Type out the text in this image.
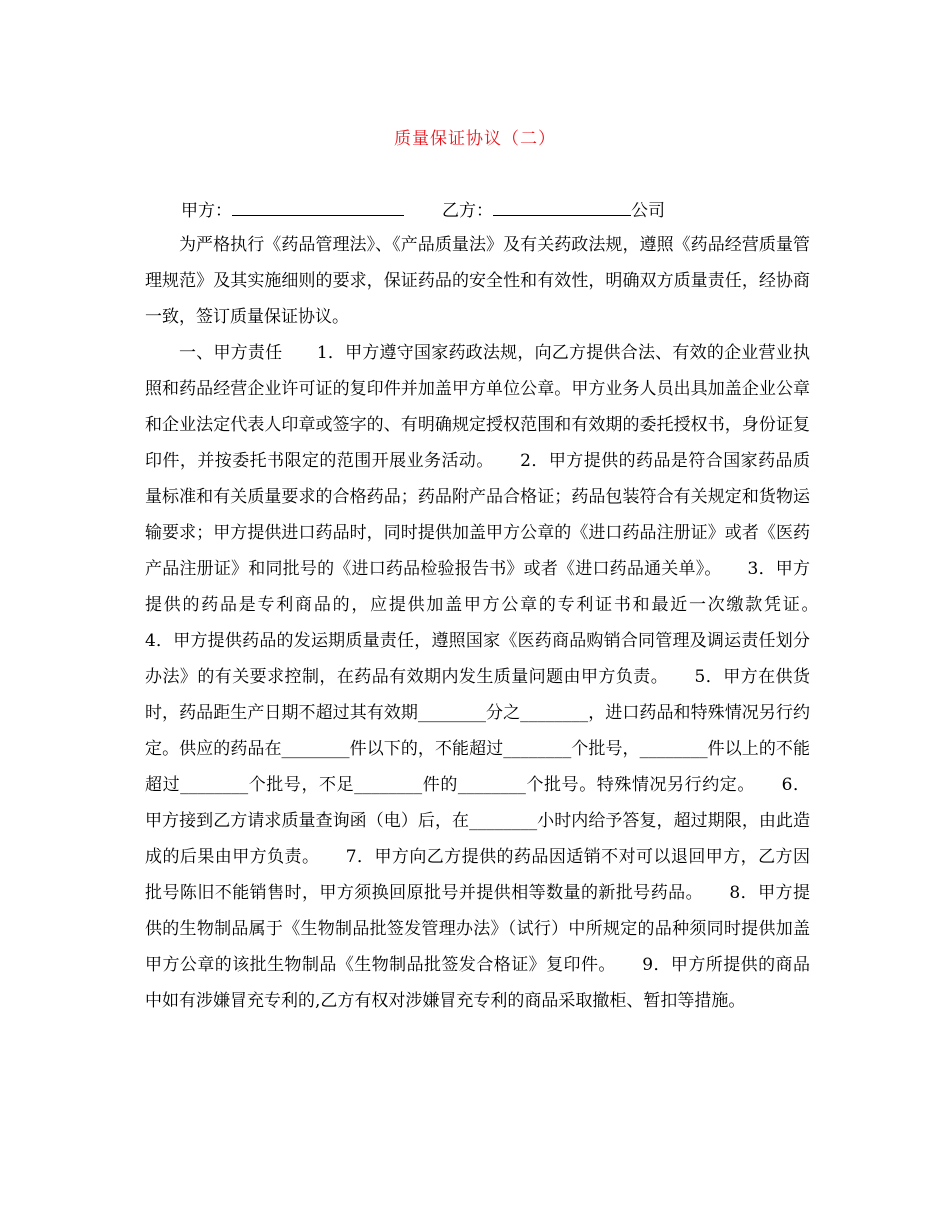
质量保证协议（二）
甲方：	乙方：	公司

为严格执行《药品管理法》、《产品质量法》及有关药政法规，遵照《药品经营质量管理规范》及其实施细则的要求，保证药品的安全性和有效性，明确双方质量责任，经协商一致，签订质量保证协议。

一、甲方责任　　1．甲方遵守国家药政法规，向乙方提供合法、有效的企业营业执照和药品经营企业许可证的复印件并加盖甲方单位公章。甲方业务人员出具加盖企业公章和企业法定代表人印章或签字的、有明确规定授权范围和有效期的委托授权书，身份证复印件，并按委托书限定的范围开展业务活动。　　2．甲方提供的药品是符合国家药品质量标准和有关质量要求的合格药品；药品附产品合格证；药品包装符合有关规定和货物运输要求；甲方提供进口药品时，同时提供加盖甲方公章的《进口药品注册证》或者《医药产品注册证》和同批号的《进口药品检验报告书》或者《进口药品通关单》。　　3．甲方提供的药品是专利商品的，应提供加盖甲方公章的专利证书和最近一次缴款凭证。　　4．甲方提供药品的发运期质量责任，遵照国家《医药商品购销合同管理及调运责任划分办法》的有关要求控制，在药品有效期内发生质量问题由甲方负责。　　5．甲方在供货时，药品距生产日期不超过其有效期________分之________，进口药品和特殊情况另行约定。供应的药品在________件以下的，不能超过________个批号，________件以上的不能超过________个批号，不足________件的________个批号。特殊情况另行约定。　　6．甲方接到乙方请求质量查询函（电）后，在________小时内给予答复，超过期限，由此造成的后果由甲方负责。　　7．甲方向乙方提供的药品因适销不对可以退回甲方，乙方因批号陈旧不能销售时，甲方须换回原批号并提供相等数量的新批号药品。　　8．甲方提供的生物制品属于《生物制品批签发管理办法》（试行）中所规定的品种须同时提供加盖甲方公章的该批生物制品《生物制品批签发合格证》复印件。　　9．甲方所提供的商品中如有涉嫌冒充专利的,乙方有权对涉嫌冒充专利的商品采取撤柜、暂扣等措施。
